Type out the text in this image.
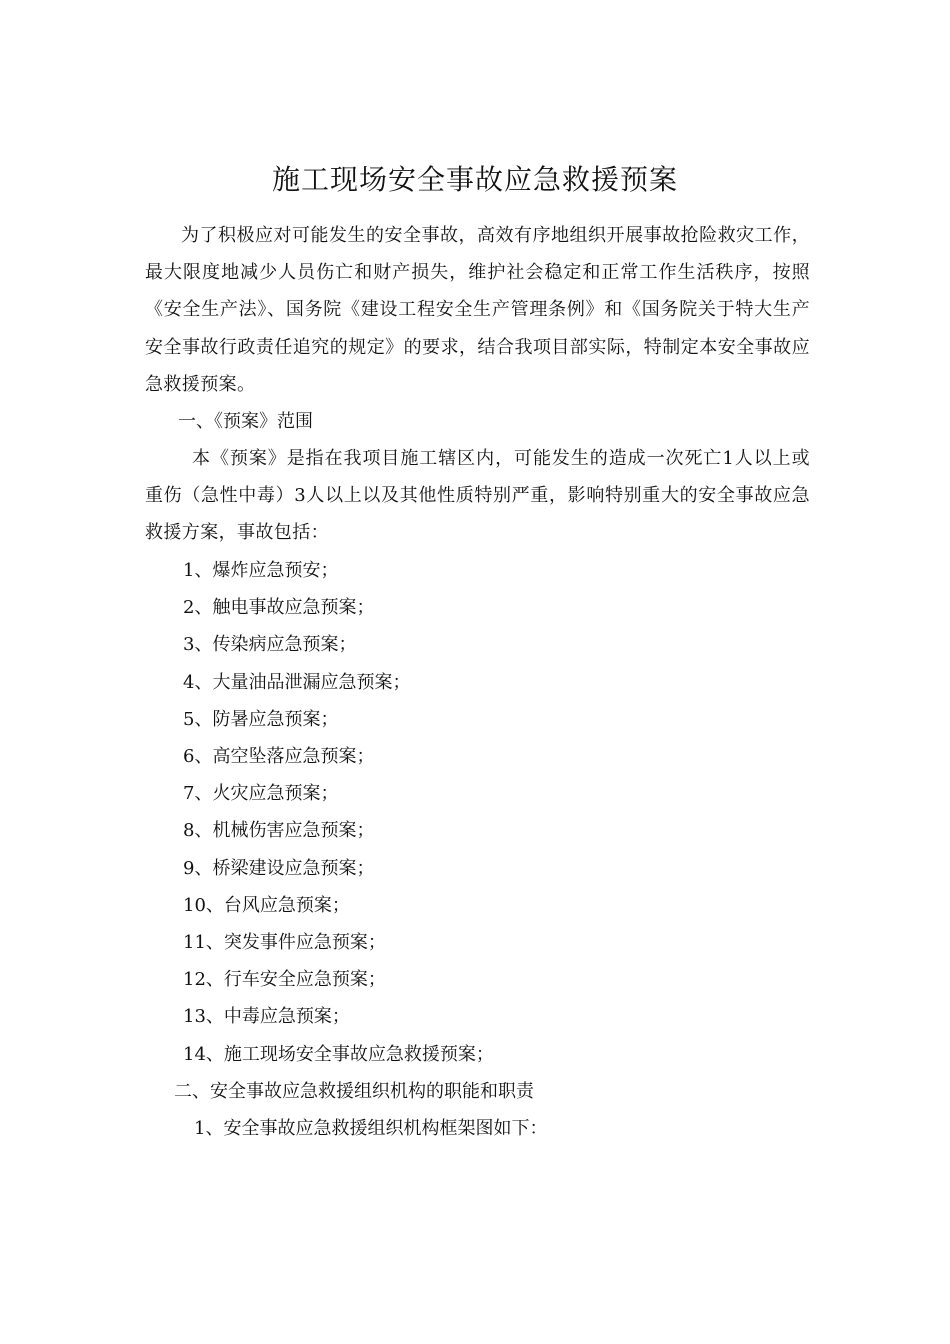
施工现场安全事故应急救援预案
为了积极应对可能发生的安全事故，高效有序地组织开展事故抢险救灾工作，最大限度地减少人员伤亡和财产损失，维护社会稳定和正常工作生活秩序，按照《安全生产法》、国务院《建设工程安全生产管理条例》和《国务院关于特大生产安全事故行政责任追究的规定》的要求，结合我项目部实际，特制定本安全事故应急救援预案。
一、《预案》范围
本《预案》是指在我项目施工辖区内，可能发生的造成一次死亡1人以上或重伤（急性中毒）3人以上以及其他性质特别严重，影响特别重大的安全事故应急救援方案，事故包括：
1、爆炸应急预安；
2、触电事故应急预案；
3、传染病应急预案；
4、大量油品泄漏应急预案；
5、防暑应急预案；
6、高空坠落应急预案；
7、火灾应急预案；
8、机械伤害应急预案；
9、桥梁建设应急预案；
10、台风应急预案；
11、突发事件应急预案；
12、行车安全应急预案；
13、中毒应急预案；
14、施工现场安全事故应急救援预案；
二、安全事故应急救援组织机构的职能和职责
1、安全事故应急救援组织机构框架图如下：
